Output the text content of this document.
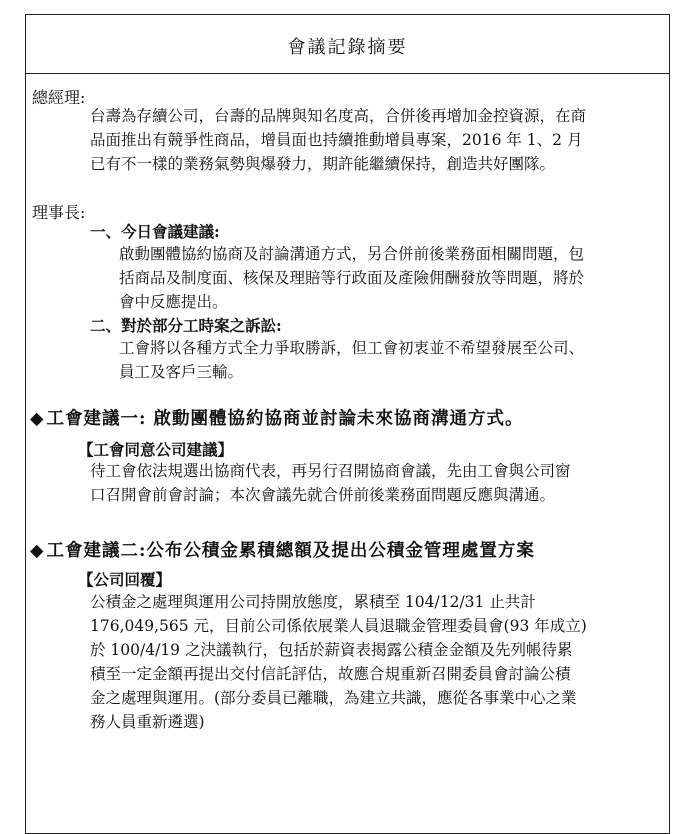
會議記錄摘要
總經理:
台壽為存續公司，台壽的品牌與知名度高，合併後再增加金控資源，在商
品面推出有競爭性商品，增員面也持續推動增員專案，2016 年 1、2 月
已有不一樣的業務氣勢與爆發力，期許能繼續保持，創造共好團隊。
理事長:
一、今日會議建議:
啟動團體協約協商及討論溝通方式，另合併前後業務面相關問題，包
括商品及制度面、核保及理賠等行政面及產險佣酬發放等問題，將於
會中反應提出。
二、對於部分工時案之訴訟:
工會將以各種方式全力爭取勝訴，但工會初衷並不希望發展至公司、
員工及客戶三輸。
◆ 工會建議一: 啟動團體協約協商並討論未來協商溝通方式。
【工會同意公司建議】
待工會依法規選出協商代表，再另行召開協商會議，先由工會與公司窗
口召開會前會討論；本次會議先就合併前後業務面問題反應與溝通。
◆ 工會建議二:公布公積金累積總額及提出公積金管理處置方案
【公司回覆】
公積金之處理與運用公司持開放態度，累積至 104/12/31 止共計
176,049,565 元，目前公司係依展業人員退職金管理委員會(93 年成立)
於 100/4/19 之決議執行，包括於薪資表揭露公積金金額及先列帳待累
積至一定金額再提出交付信託評估，故應合規重新召開委員會討論公積
金之處理與運用。(部分委員已離職，為建立共識，應從各事業中心之業
務人員重新遴選)
